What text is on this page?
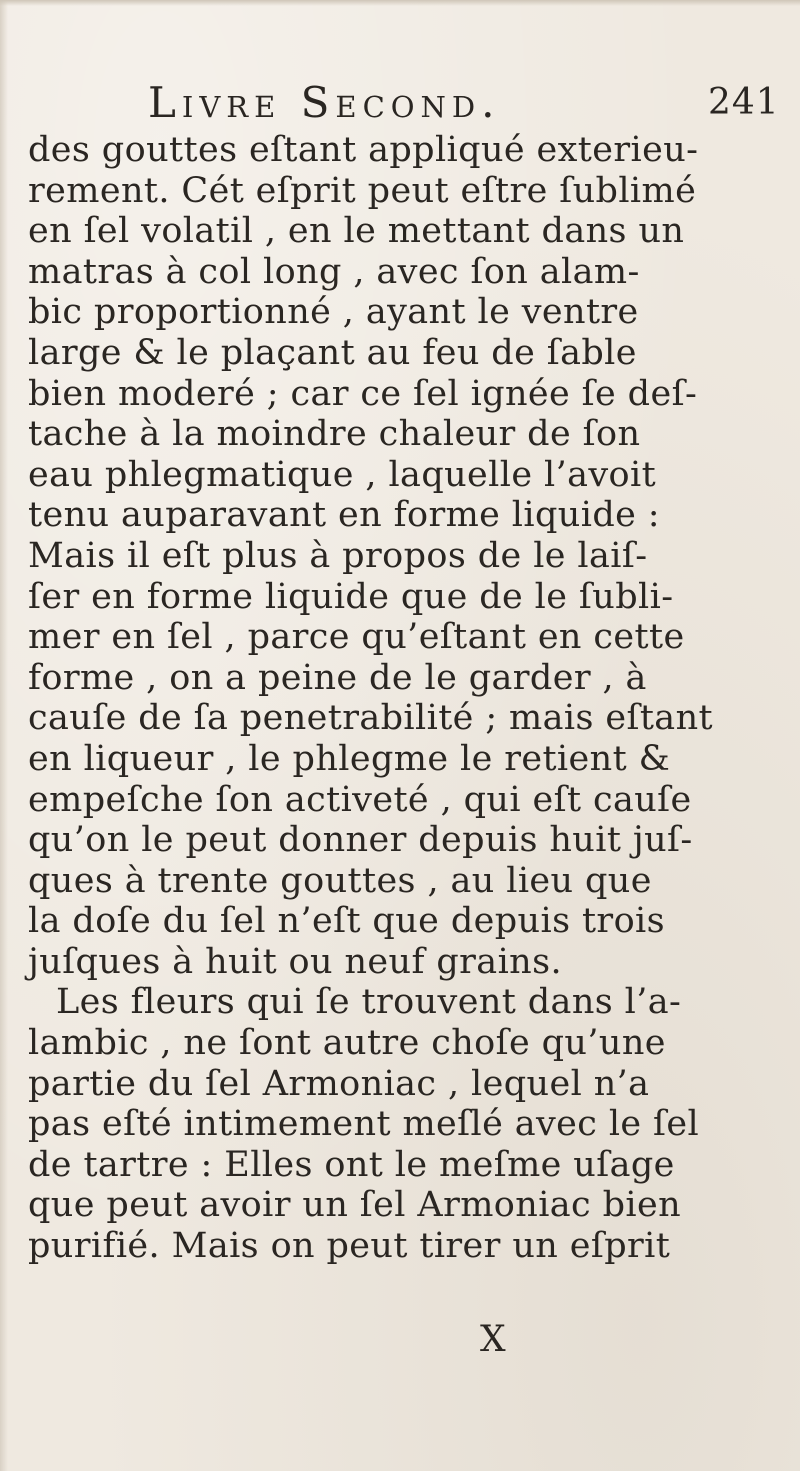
Livre Second.	241
des gouttes eſtant appliqué exterieu-
rement. Cét eſprit peut eſtre ſublimé
en ſel volatil , en le mettant dans un
matras à col long , avec ſon alam-
bic proportionné , ayant le ventre
large & le plaçant au feu de ſable
bien moderé ; car ce ſel ignée ſe deſ-
tache à la moindre chaleur de ſon
eau phlegmatique , laquelle l’avoit
tenu auparavant en forme liquide :
Mais il eſt plus à propos de le laiſ-
ſer en forme liquide que de le ſubli-
mer en ſel , parce qu’eſtant en cette
forme , on a peine de le garder , à
cauſe de ſa penetrabilité ; mais eſtant
en liqueur , le phlegme le retient &
empeſche ſon activeté , qui eſt cauſe
qu’on le peut donner depuis huit juſ-
ques à trente gouttes , au lieu que
la doſe du ſel n’eſt que depuis trois
juſques à huit ou neuf grains.
Les fleurs qui ſe trouvent dans l’a-
lambic , ne ſont autre choſe qu’une
partie du ſel Armoniac , lequel n’a
pas eſté intimement meſlé avec le ſel
de tartre : Elles ont le meſme uſage
que peut avoir un ſel Armoniac bien
purifié. Mais on peut tirer un eſprit
X
